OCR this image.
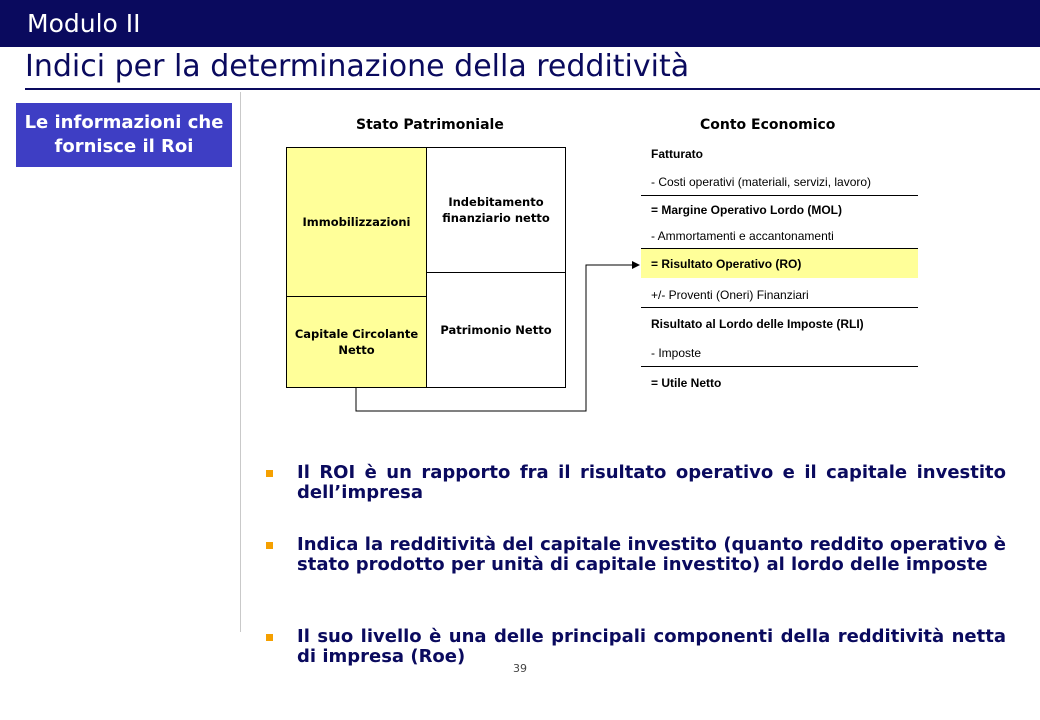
Modulo II
Indici per la determinazione della redditività
Le informazioni che fornisce il Roi
Stato Patrimoniale
Immobilizzazioni
Capitale Circolante Netto
Indebitamento finanziario netto
Patrimonio Netto
Conto Economico
Fatturato
- Costi operativi (materiali, servizi, lavoro)
= Margine Operativo Lordo (MOL)
- Ammortamenti e accantonamenti
= Risultato Operativo (RO)
+/- Proventi (Oneri) Finanziari
Risultato al Lordo delle Imposte (RLI)
- Imposte
= Utile Netto
Il ROI è un rapporto fra il risultato operativo e il capitale investito dell’impresa
Indica la redditività del capitale investito (quanto reddito operativo è stato prodotto per unità di capitale investito) al lordo delle imposte
Il suo livello è una delle principali componenti della redditività netta di impresa (Roe)
39
